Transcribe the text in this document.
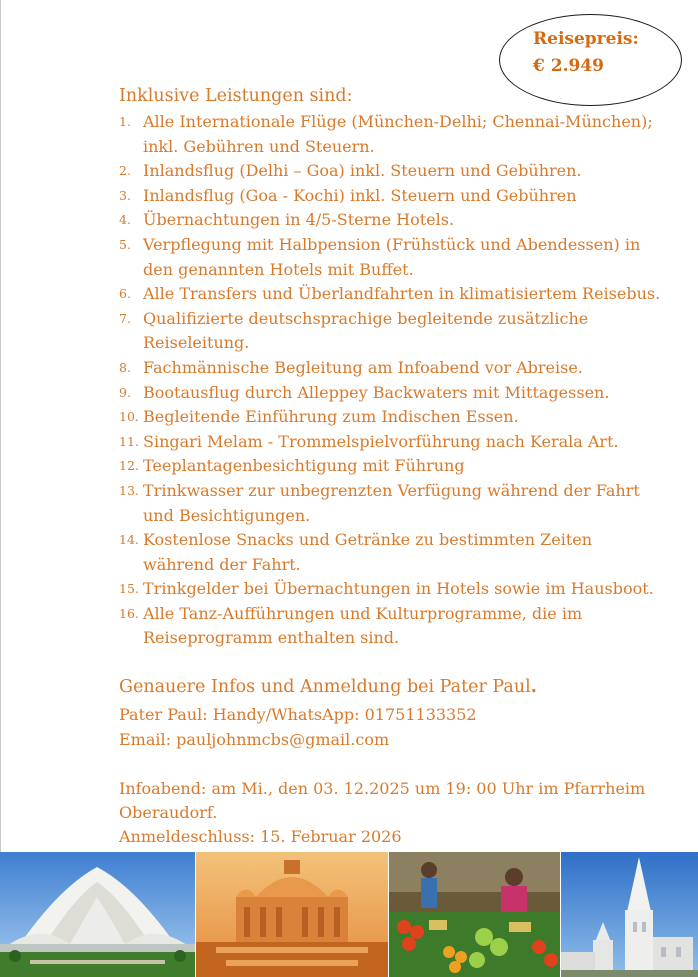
Reisepreis:
€ 2.949
Inklusive Leistungen sind:
1. Alle Internationale Flüge (München-Delhi; Chennai-München); inkl. Gebühren und Steuern.
2. Inlandsflug (Delhi – Goa) inkl. Steuern und Gebühren.
3. Inlandsflug (Goa - Kochi) inkl. Steuern und Gebühren
4. Übernachtungen in 4/5-Sterne Hotels.
5. Verpflegung mit Halbpension (Frühstück und Abendessen) in den genannten Hotels mit Buffet.
6. Alle Transfers und Überlandfahrten in klimatisiertem Reisebus.
7. Qualifizierte deutschsprachige begleitende zusätzliche Reiseleitung.
8. Fachmännische Begleitung am Infoabend vor Abreise.
9. Bootausflug durch Alleppey Backwaters mit Mittagessen.
10. Begleitende Einführung zum Indischen Essen.
11. Singari Melam - Trommelspielvorführung nach Kerala Art.
12. Teeplantagenbesichtigung mit Führung
13. Trinkwasser zur unbegrenzten Verfügung während der Fahrt und Besichtigungen.
14. Kostenlose Snacks und Getränke zu bestimmten Zeiten während der Fahrt.
15. Trinkgelder bei Übernachtungen in Hotels sowie im Hausboot.
16. Alle Tanz-Aufführungen und Kulturprogramme, die im Reiseprogramm enthalten sind.
Genauere Infos und Anmeldung bei Pater Paul.
Pater Paul: Handy/WhatsApp: 01751133352
Email: pauljohnmcbs@gmail.com
Infoabend: am Mi., den 03. 12.2025 um 19: 00 Uhr im Pfarrheim
Oberaudorf.
Anmeldeschluss: 15. Februar 2026
